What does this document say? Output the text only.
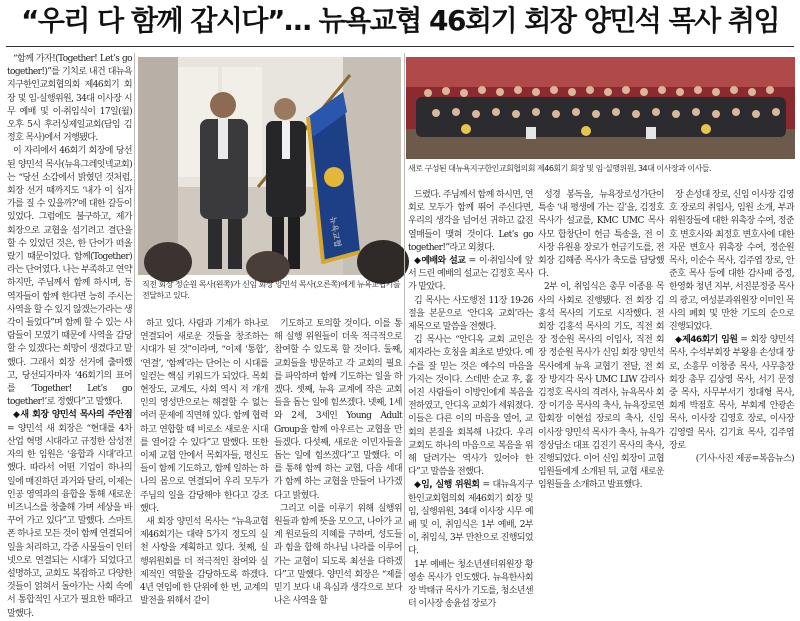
“우리 다 함께 갑시다”… 뉴욕교협 46회기 회장 양민석 목사 취임
뉴욕교협
직전 회장 정순원 목사(왼쪽)가 신임 회장 양민석 목사(오른쪽)에게 뉴욕교협기를 전달하고 있다.
새로 구성된 대뉴욕지구한인교회협의회 제46회기 회장 및 임·실행위원, 34대 이사장과 이사들.

“함께 가자!(Together! Let’s go together!)”를 기치로 내건 대뉴욕지구한인교회협의회 제46회기 회장 및 임·실행위원, 34대 이사장 시무 예배 및 이·취임식이 17일(월) 오후 5시 후러싱제일교회(담임 김정호 목사)에서 거행됐다.

이 자리에서 46회기 회장에 당선된 양민석 목사(뉴욕그레잇넥교회)는 “당선 소감에서 밝혔던 것처럼, 회장 선거 때까지도 ‘내가 이 십자가를 질 수 있을까?’에 대한 갈등이 있었다. 그럼에도 불구하고, 제가 회장으로 교협을 섬기려고 결단을 할 수 있었던 것은, 한 단어가 떠올랐기 때문이었다. 함께(Together)라는 단어였다. 나는 부족하고 연약하지만, 주님께서 함께 하시며, 동역자들이 함께 한다면 능히 주시는 사역을 할 수 있지 않겠는가라는 생각이 들었다”며 함께 할 수 있는 사람들이 모였기 때문에 사역을 감당할 수 있겠다는 희망이 생겼다고 말했다. 그래서 회장 선거에 출마했고, 당선되자마자 ‘46회기의 표어를 ‘Together! Let’s go together!’로 정했다”고 말했다.

◆새 회장 양민석 목사의 주안점 = 양민석 새 회장은 “현대를 4차 산업 혁명 시대라고 규정한 삼성전자의 한 임원은 ‘융합과 시대’라고 했다. 따라서 어떤 기업이 하나의 일에 매진하던 과거와 달리, 이제는 인공 영역과의 융합을 통해 새로운 비즈니스를 창출해 가며 세상을 바꾸어 가고 있다”고 말했다. 스마트폰 하나로 모든 것이 함께 연결되어 일을 처리하고, 각종 사물들이 인터넷으로 연결되는 시대가 되었다고 설명하고, 교회도 복잡하고 다양한 것들이 얽혀서 돌아가는 사회 속에서 통합적인 사고가 필요한 때라고 말했다.

하고 있다. 사람과 기계가 하나로 연결되어 새로운 것들을 창조하는 시대가 된 것”이라며, “이제 ‘통합’, ‘연결’, ‘함께’라는 단어는 이 시대를 일컫는 핵심 키워드가 되었다. 목회 현장도, 교계도, 사회 역시 저 개개인의 영성만으로는 해결할 수 없는 여러 문제에 직면해 있다. 함께 협력하고 연합할 때 비로소 새로운 시대를 열어갈 수 있다”고 말했다. 또한 이제 교협 안에서 목회자들, 평신도들이 함께 기도하고, 함께 일하는 하나의 몸으로 연결되어 우리 모두가 주님의 일을 감당해야 한다고 강조했다.

새 회장 양민석 목사는 “뉴욕교협 제46회기는 대략 5가지 정도의 실천 사항을 계획하고 있다. 첫째, 실행위원회를 더 적극적인 참여와 실제적인 역할을 감당하도록 하겠다. 4년 연임에 한 단위에 한 번, 교계의 발전을 위해서 같이

기도하고 토의할 것이다. 이를 통해 실행 위원들이 더욱 적극적으로 참여할 수 있도록 할 것이다. 둘째, 교회들을 방문하고 각 교회의 필요를 파악하며 함께 기도하는 일을 하겠다. 셋째, 뉴욕 교계에 작은 교회들을 돕는 일에 힘쓰겠다. 넷째, 1세와 2세, 3세인 Young Adult Group을 함께 아우르는 교협을 만들겠다. 다섯째, 새로운 이민자들을 돕는 일에 힘쓰겠다”고 말했다. 이를 통해 함께 하는 교협, 다음 세대가 함께 하는 교협을 만들어 나가겠다고 밝혔다.

그리고 이를 이루기 위해 실행위원들과 함께 뜻을 모으고, 나아가 교계 원로들의 지혜를 구하며, 성도들과 힘을 합해 하나님 나라를 이루어 가는 교협이 되도록 최선을 다하겠다”고 말했다. 양민석 회장은 “제를 믿기 보다 내 욕심과 생각으로 보다 나은 사역을 할

드렸다. 주님께서 함께 하시면, 연회로 모두가 함께 뛰어 주신다면, 우리의 생각을 넘어선 귀하고 값진 열매들이 맺혀 것이다. Let’s go together!”라고 외쳤다.

◆예배와 설교 = 이·취임식에 앞서 드린 예배의 설교는 김정호 목사가 맡았다.

김 목사는 사도행전 11장 19-26절을 본문으로 ‘안디옥 교회’라는 제목으로 말씀을 전했다.

김 목사는 “안디옥 교회 교인은 제자라는 호칭을 최초로 받았다. 예수를 잘 믿는 것은 예수의 마음을 가지는 것이다. 스데반 순교 후, 흩어진 사람들이 이방인에게 복음을 전하였고, 안디옥 교회가 세워졌다. 이들은 다른 이의 마음을 열어, 교회의 본질을 회복해 나갔다. 우리 교회도 하나의 마음으로 복음을 위해 달려가는 역사가 있어야 한다”고 말씀을 전했다.

◆임, 실행 위원회 = 대뉴욕지구한인교회협의회 제46회기 회장 및 임, 실행위원, 34대 이사장 시무 예배 및 이, 취임식은 1부 예배, 2부 이, 취임식, 3부 만찬으로 진행되었다.

1부 예배는 청소년센터위원장 황영송 목사가 인도했다. 뉴욕한사회장 박태규 목사가 기도를, 청소년센터 이사장 송윤섭 장로가

성경 봉독을, 뉴욕장로성가단이 특송 ‘내 평생에 가는 길’을, 김정호 목사가 설교를, KMC UMC 목사 사모 합창단이 헌금 특송을, 전 이사장 유원용 장로가 헌금기도를, 전 회장 김해종 목사가 축도를 담당했다.

2부 이, 취임식은 총무 이종용 목사의 사회로 진행됐다. 전 회장 김홍석 목사의 기도로 시작했다. 전 회장 김홍석 목사의 기도, 직전 회장 정순원 목사의 이임사, 직전 회장 정순원 목사가 신임 회장 양민석 목사에게 뉴욕 교협기 전달, 전 회장 방지각 목사 UMC LIW 감리사 김정호 목사의 격려사, 뉴욕목사 회장 이기응 목사의 축사, 뉴욕장로연합회장 이현섭 장로의 축사, 신임 이사장 양민석 목사가 축사, 뉴욕가정상담소 대표 김진기 목사의 축사, 진행되었다. 이어 신임 회장이 교협 임원들에게 소개된 뒤, 교협 새로운 임원들을 소개하고 발표했다.

장 손성대 장로, 신임 이사장 김영호 장로의 취임사, 임원 소개, 부과위원장들에 대한 위촉장 수여, 정준호 변호사와 최정호 변호사에 대한 자문 변호사 위촉장 수여, 정순원 목사, 이순수 목사, 김주엽 장로, 안준호 목사 등에 대한 감사패 증정, 한영화 청년 지부, 서진분정중 목사의 광고, 여성분과위원장 이미인 목사의 폐회 및 만찬 기도의 순으로 진행되었다.

◆제46회기 임원 = 회장 양민석 목사, 수석부회장 부왕용 손성대 장로, 소흥무 이창종 목사, 사무총장 회장 총무 김상영 목사, 서기 문정중 목사, 사무부서기 정대형 목사, 회계 박점호 목사, 부회계 안광손 목사, 이사장 김영호 장로, 이사장 김영렬 목사, 김기효 목사, 김주엽 장로

(기사·사진 제공=복음뉴스)
